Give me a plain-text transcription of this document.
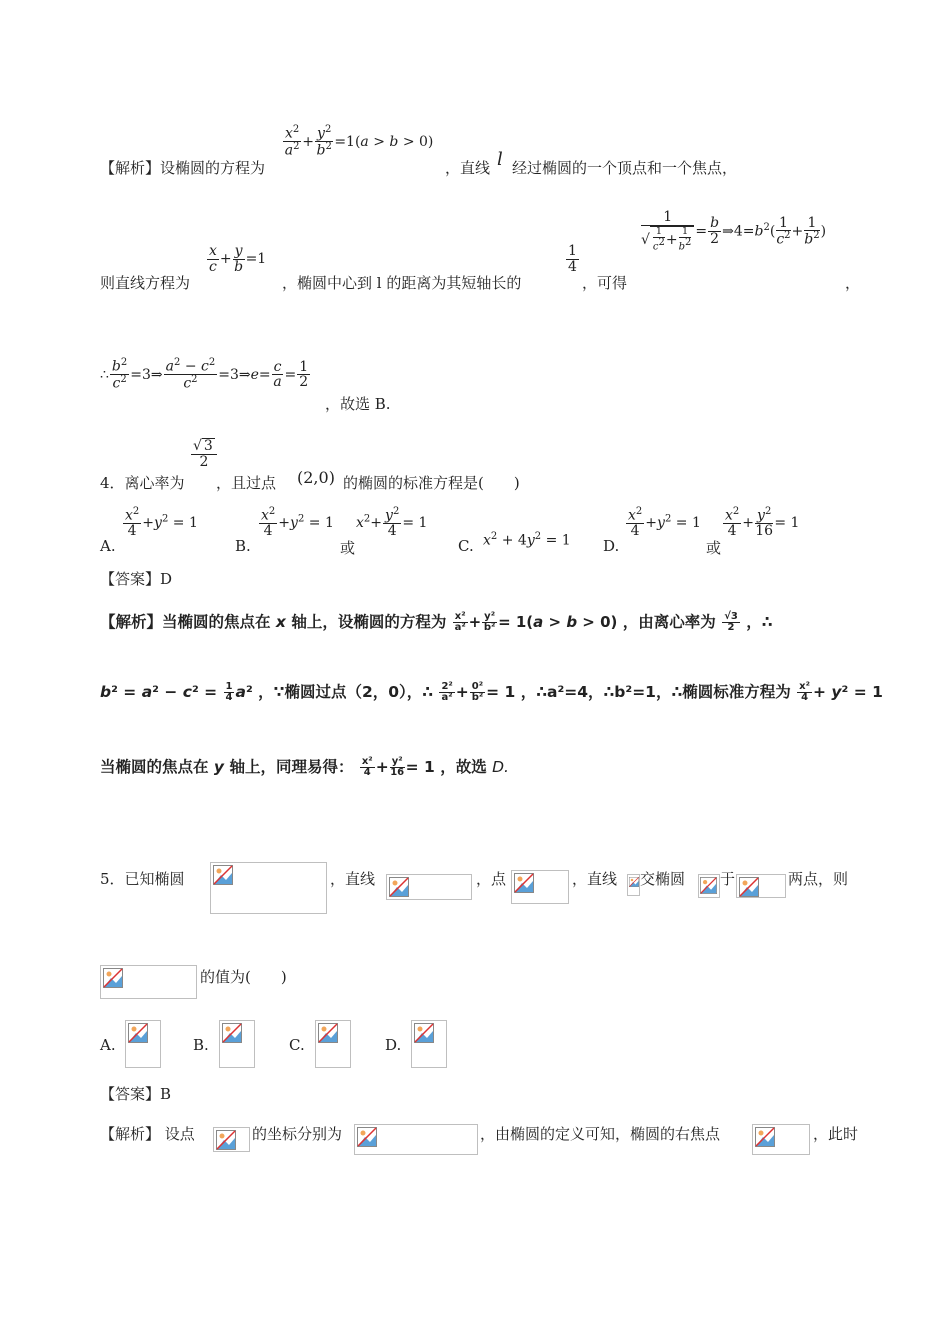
【解析】设椭圆的方程为
$\frac{x^2}{a^2} + \frac{y^2}{b^2} =1(a > b > 0)$
，直线 l 经过椭圆的一个顶点和一个焦点，
则直线方程为
$\frac{x}{c} + \frac{y}{b} =1$
，椭圆中心到 l 的距离为其短轴长的
$\frac{1}{4}$
，可得
$\frac{1}{√ \frac{1}{c^2} + \frac{1}{b^2}} = \frac{b}{2}$ $\Rightarrow 4=b^2( \frac{1}{c^2} + \frac{1}{b^2}$ )
，
∴ $\frac{b^2}{c^2}$ =3⇒ $\frac{a^2 - c^2}{c^2}$ =3⇒e= $\frac{c}{a} = \frac{1}{2}$
，故选 B.
4．离心率为
$\frac{√ 3}{2}$
，且过点 (2,0) 的椭圆的标准方程是(　　)
A.
$\frac{x^2}{4} +y^2 = 1$
B.
$\frac{x^2}{4} +y^2 = 1$
或
$x^2+ \frac{y^2}{4} = 1$
C. $x^2 + 4y^2 = 1$ D.
$\frac{x^2}{4} +y^2 = 1$
或
$\frac{x^2}{4} + \frac{y^2}{16} = 1$
【答案】D
【解析】当椭圆的焦点在 x 轴上，设椭圆的方程为 $\frac{\text{x²}}{\text{a²}} + \frac{\text{y²}}{\text{b²}} = 1(a > b > 0)$ ，由离心率为 $\frac{√3}{2}$ ，∴
$b^2 = a^2 - c^2 = \frac{1}{4} a^2$ ，∵椭圆过点（2，0），∴ $\frac{\text{2²}}{\text{a²}} + \frac{\text{0²}}{\text{b²}} = 1$ ，∴a²=4，∴b²=1，∴椭圆标准方程为 $\frac{\text{x²}}{4} + y^2 = 1$
当椭圆的焦点在 y 轴上，同理易得： $\frac{\text{x²}}{4} + \frac{\text{y²}}{16} = 1$ ，故选 D.
5．已知椭圆	，直线	，点	，直线 交椭圆 于	两点，则
的值为(　　)
A.	B.	C.	D.
【答案】B
【解析】 设点	的坐标分别为	，由椭圆的定义可知，椭圆的右焦点	，此时
